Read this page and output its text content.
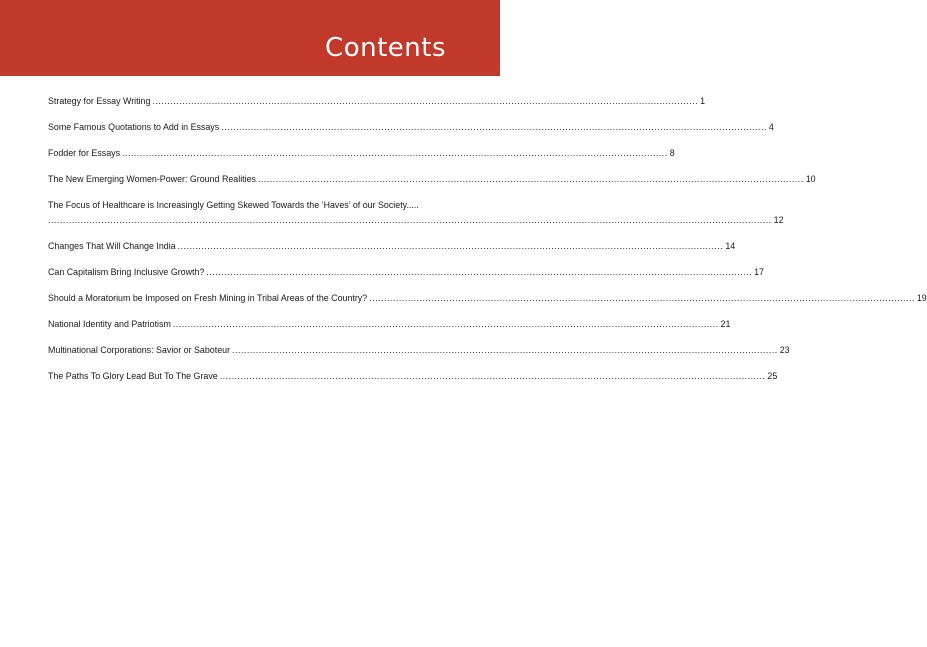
Contents
Strategy for Essay Writing ........................................................................................................................................................................................ 1
Some Famous Quotations to Add in Essays ........................................................................................................................................................................................ 4
Fodder for Essays ........................................................................................................................................................................................ 8
The New Emerging Women-Power: Ground Realities ........................................................................................................................................................................................ 10
The Focus of Healthcare is Increasingly Getting Skewed Towards the ‘Haves’ of our Society.....
.................................................................................................................................................................................................................................................... 12
Changes That Will Change India ........................................................................................................................................................................................ 14
Can Capitalism Bring Inclusive Growth? ........................................................................................................................................................................................ 17
Should a Moratorium be Imposed on Fresh Mining in Tribal Areas of the Country? ........................................................................................................................................................................................ 19
National Identity and Patriotism ........................................................................................................................................................................................ 21
Multinational Corporations: Savior or Saboteur ........................................................................................................................................................................................ 23
The Paths To Glory Lead But To The Grave ........................................................................................................................................................................................ 25
